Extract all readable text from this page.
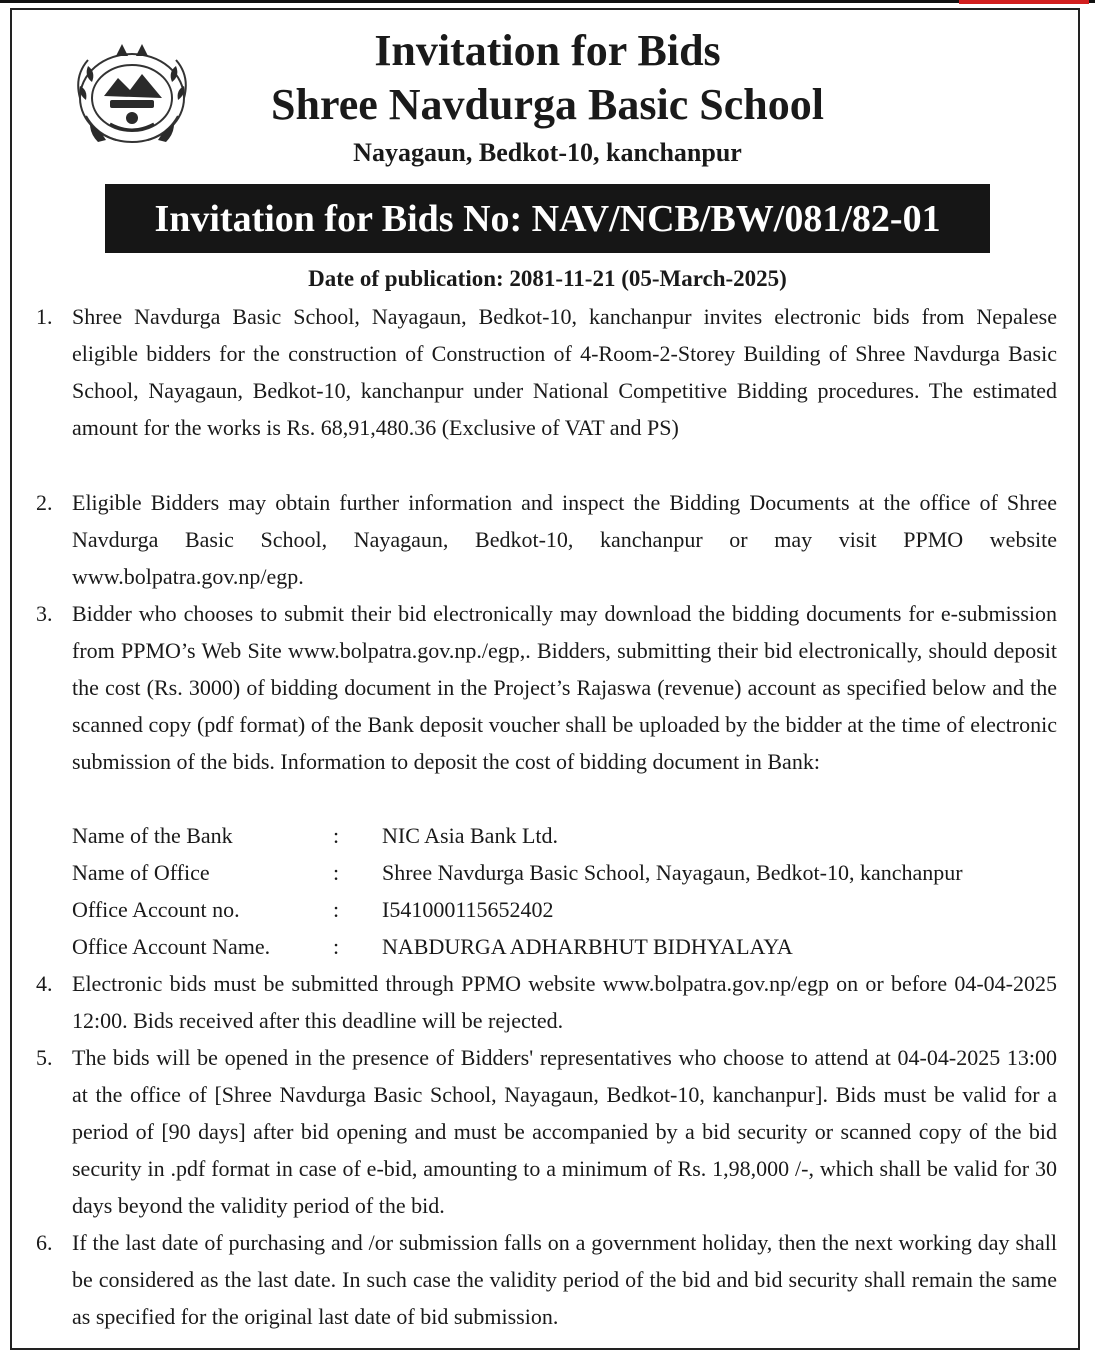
Invitation for Bids
Shree Navdurga Basic School
Nayagaun, Bedkot-10, kanchanpur
Invitation for Bids No: NAV/NCB/BW/081/82-01
Date of publication: 2081-11-21 (05-March-2025)
1. Shree Navdurga Basic School, Nayagaun, Bedkot-10, kanchanpur invites electronic bids from Nepalese eligible bidders for the construction of Construction of 4-Room-2-Storey Building of Shree Navdurga Basic School, Nayagaun, Bedkot-10, kanchanpur under National Competitive Bidding procedures. The estimated amount for the works is Rs. 68,91,480.36 (Exclusive of VAT and PS)
2. Eligible Bidders may obtain further information and inspect the Bidding Documents at the office of Shree Navdurga Basic School, Nayagaun, Bedkot-10, kanchanpur or may visit PPMO website www.bolpatra.gov.np/egp.
3. Bidder who chooses to submit their bid electronically may download the bidding documents for e-submission from PPMO’s Web Site www.bolpatra.gov.np./egp,. Bidders, submitting their bid electronically, should deposit the cost (Rs. 3000) of bidding document in the Project’s Rajaswa (revenue) account as specified below and the scanned copy (pdf format) of the Bank deposit voucher shall be uploaded by the bidder at the time of electronic submission of the bids. Information to deposit the cost of bidding document in Bank:
Name of the Bank	: NIC Asia Bank Ltd.
Name of Office	: Shree Navdurga Basic School, Nayagaun, Bedkot-10, kanchanpur
Office Account no.	: I541000115652402
Office Account Name.	: NABDURGA ADHARBHUT BIDHYALAYA
4. Electronic bids must be submitted through PPMO website www.bolpatra.gov.np/egp on or before 04-04-2025 12:00. Bids received after this deadline will be rejected.
5. The bids will be opened in the presence of Bidders' representatives who choose to attend at 04-04-2025 13:00 at the office of [Shree Navdurga Basic School, Nayagaun, Bedkot-10, kanchanpur]. Bids must be valid for a period of [90 days] after bid opening and must be accompanied by a bid security or scanned copy of the bid security in .pdf format in case of e-bid, amounting to a minimum of Rs. 1,98,000 /-, which shall be valid for 30 days beyond the validity period of the bid.
6. If the last date of purchasing and /or submission falls on a government holiday, then the next working day shall be considered as the last date. In such case the validity period of the bid and bid security shall remain the same as specified for the original last date of bid submission.
